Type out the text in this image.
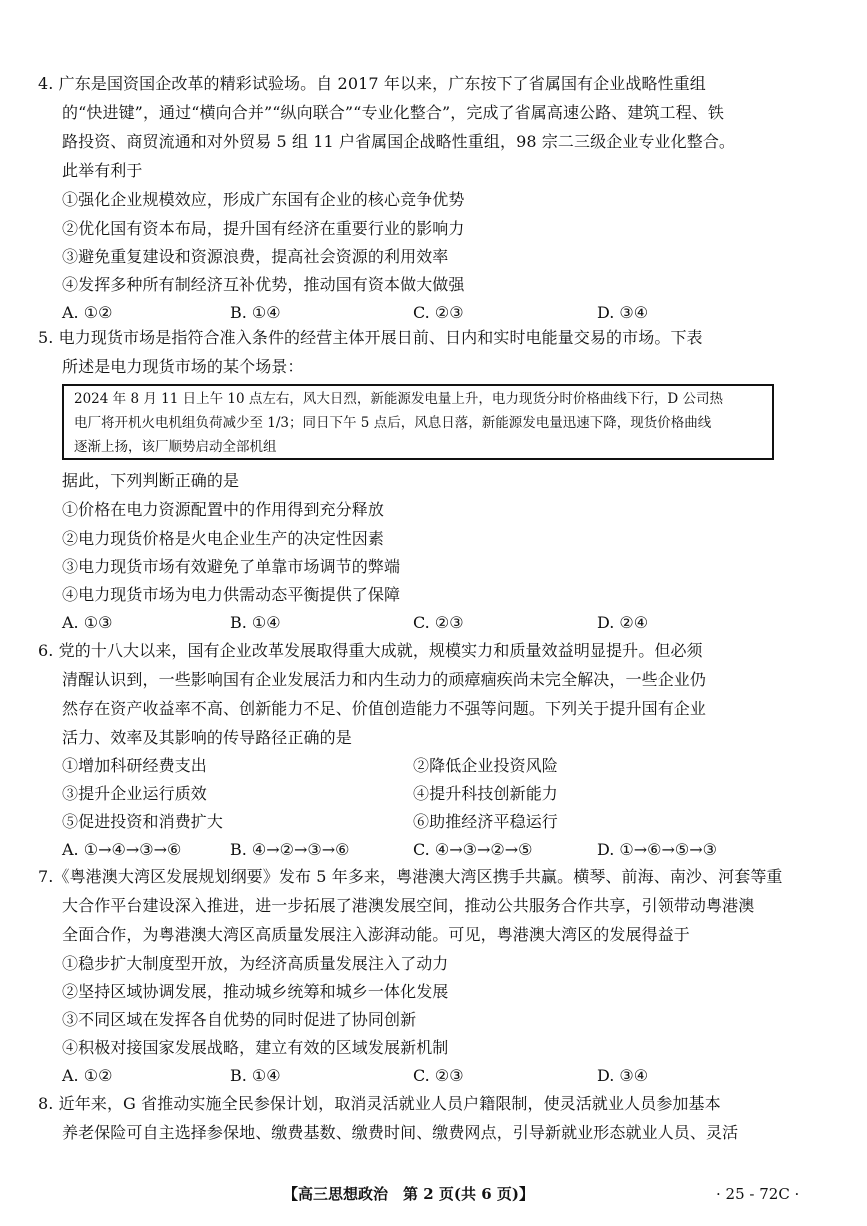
4. 广东是国资国企改革的精彩试验场。自 2017 年以来，广东按下了省属国有企业战略性重组
的“快进键”，通过“横向合并”“纵向联合”“专业化整合”，完成了省属高速公路、建筑工程、铁
路投资、商贸流通和对外贸易 5 组 11 户省属国企战略性重组，98 宗二三级企业专业化整合。
此举有利于
①强化企业规模效应，形成广东国有企业的核心竞争优势
②优化国有资本布局，提升国有经济在重要行业的影响力
③避免重复建设和资源浪费，提高社会资源的利用效率
④发挥多种所有制经济互补优势，推动国有资本做大做强
A. ①②	B. ①④	C. ②③	D. ③④
5. 电力现货市场是指符合准入条件的经营主体开展日前、日内和实时电能量交易的市场。下表
所述是电力现货市场的某个场景：
2024 年 8 月 11 日上午 10 点左右，风大日烈，新能源发电量上升，电力现货分时价格曲线下行，D 公司热
电厂将开机火电机组负荷减少至 1/3；同日下午 5 点后，风息日落，新能源发电量迅速下降，现货价格曲线
逐渐上扬，该厂顺势启动全部机组
据此，下列判断正确的是
①价格在电力资源配置中的作用得到充分释放
②电力现货价格是火电企业生产的决定性因素
③电力现货市场有效避免了单靠市场调节的弊端
④电力现货市场为电力供需动态平衡提供了保障
A. ①③	B. ①④	C. ②③	D. ②④
6. 党的十八大以来，国有企业改革发展取得重大成就，规模实力和质量效益明显提升。但必须
清醒认识到，一些影响国有企业发展活力和内生动力的顽瘴痼疾尚未完全解决，一些企业仍
然存在资产收益率不高、创新能力不足、价值创造能力不强等问题。下列关于提升国有企业
活力、效率及其影响的传导路径正确的是
①增加科研经费支出	②降低企业投资风险
③提升企业运行质效	④提升科技创新能力
⑤促进投资和消费扩大	⑥助推经济平稳运行
A. ①→④→③→⑥	B. ④→②→③→⑥	C. ④→③→②→⑤	D. ①→⑥→⑤→③
7.《粤港澳大湾区发展规划纲要》发布 5 年多来，粤港澳大湾区携手共赢。横琴、前海、南沙、河套等重
大合作平台建设深入推进，进一步拓展了港澳发展空间，推动公共服务合作共享，引领带动粤港澳
全面合作，为粤港澳大湾区高质量发展注入澎湃动能。可见，粤港澳大湾区的发展得益于
①稳步扩大制度型开放，为经济高质量发展注入了动力
②坚持区域协调发展，推动城乡统筹和城乡一体化发展
③不同区域在发挥各自优势的同时促进了协同创新
④积极对接国家发展战略，建立有效的区域发展新机制
A. ①②	B. ①④	C. ②③	D. ③④
8. 近年来，G 省推动实施全民参保计划，取消灵活就业人员户籍限制，使灵活就业人员参加基本
养老保险可自主选择参保地、缴费基数、缴费时间、缴费网点，引导新就业形态就业人员、灵活
【高三思想政治　第 2 页(共 6 页)】	· 25 - 72C ·
